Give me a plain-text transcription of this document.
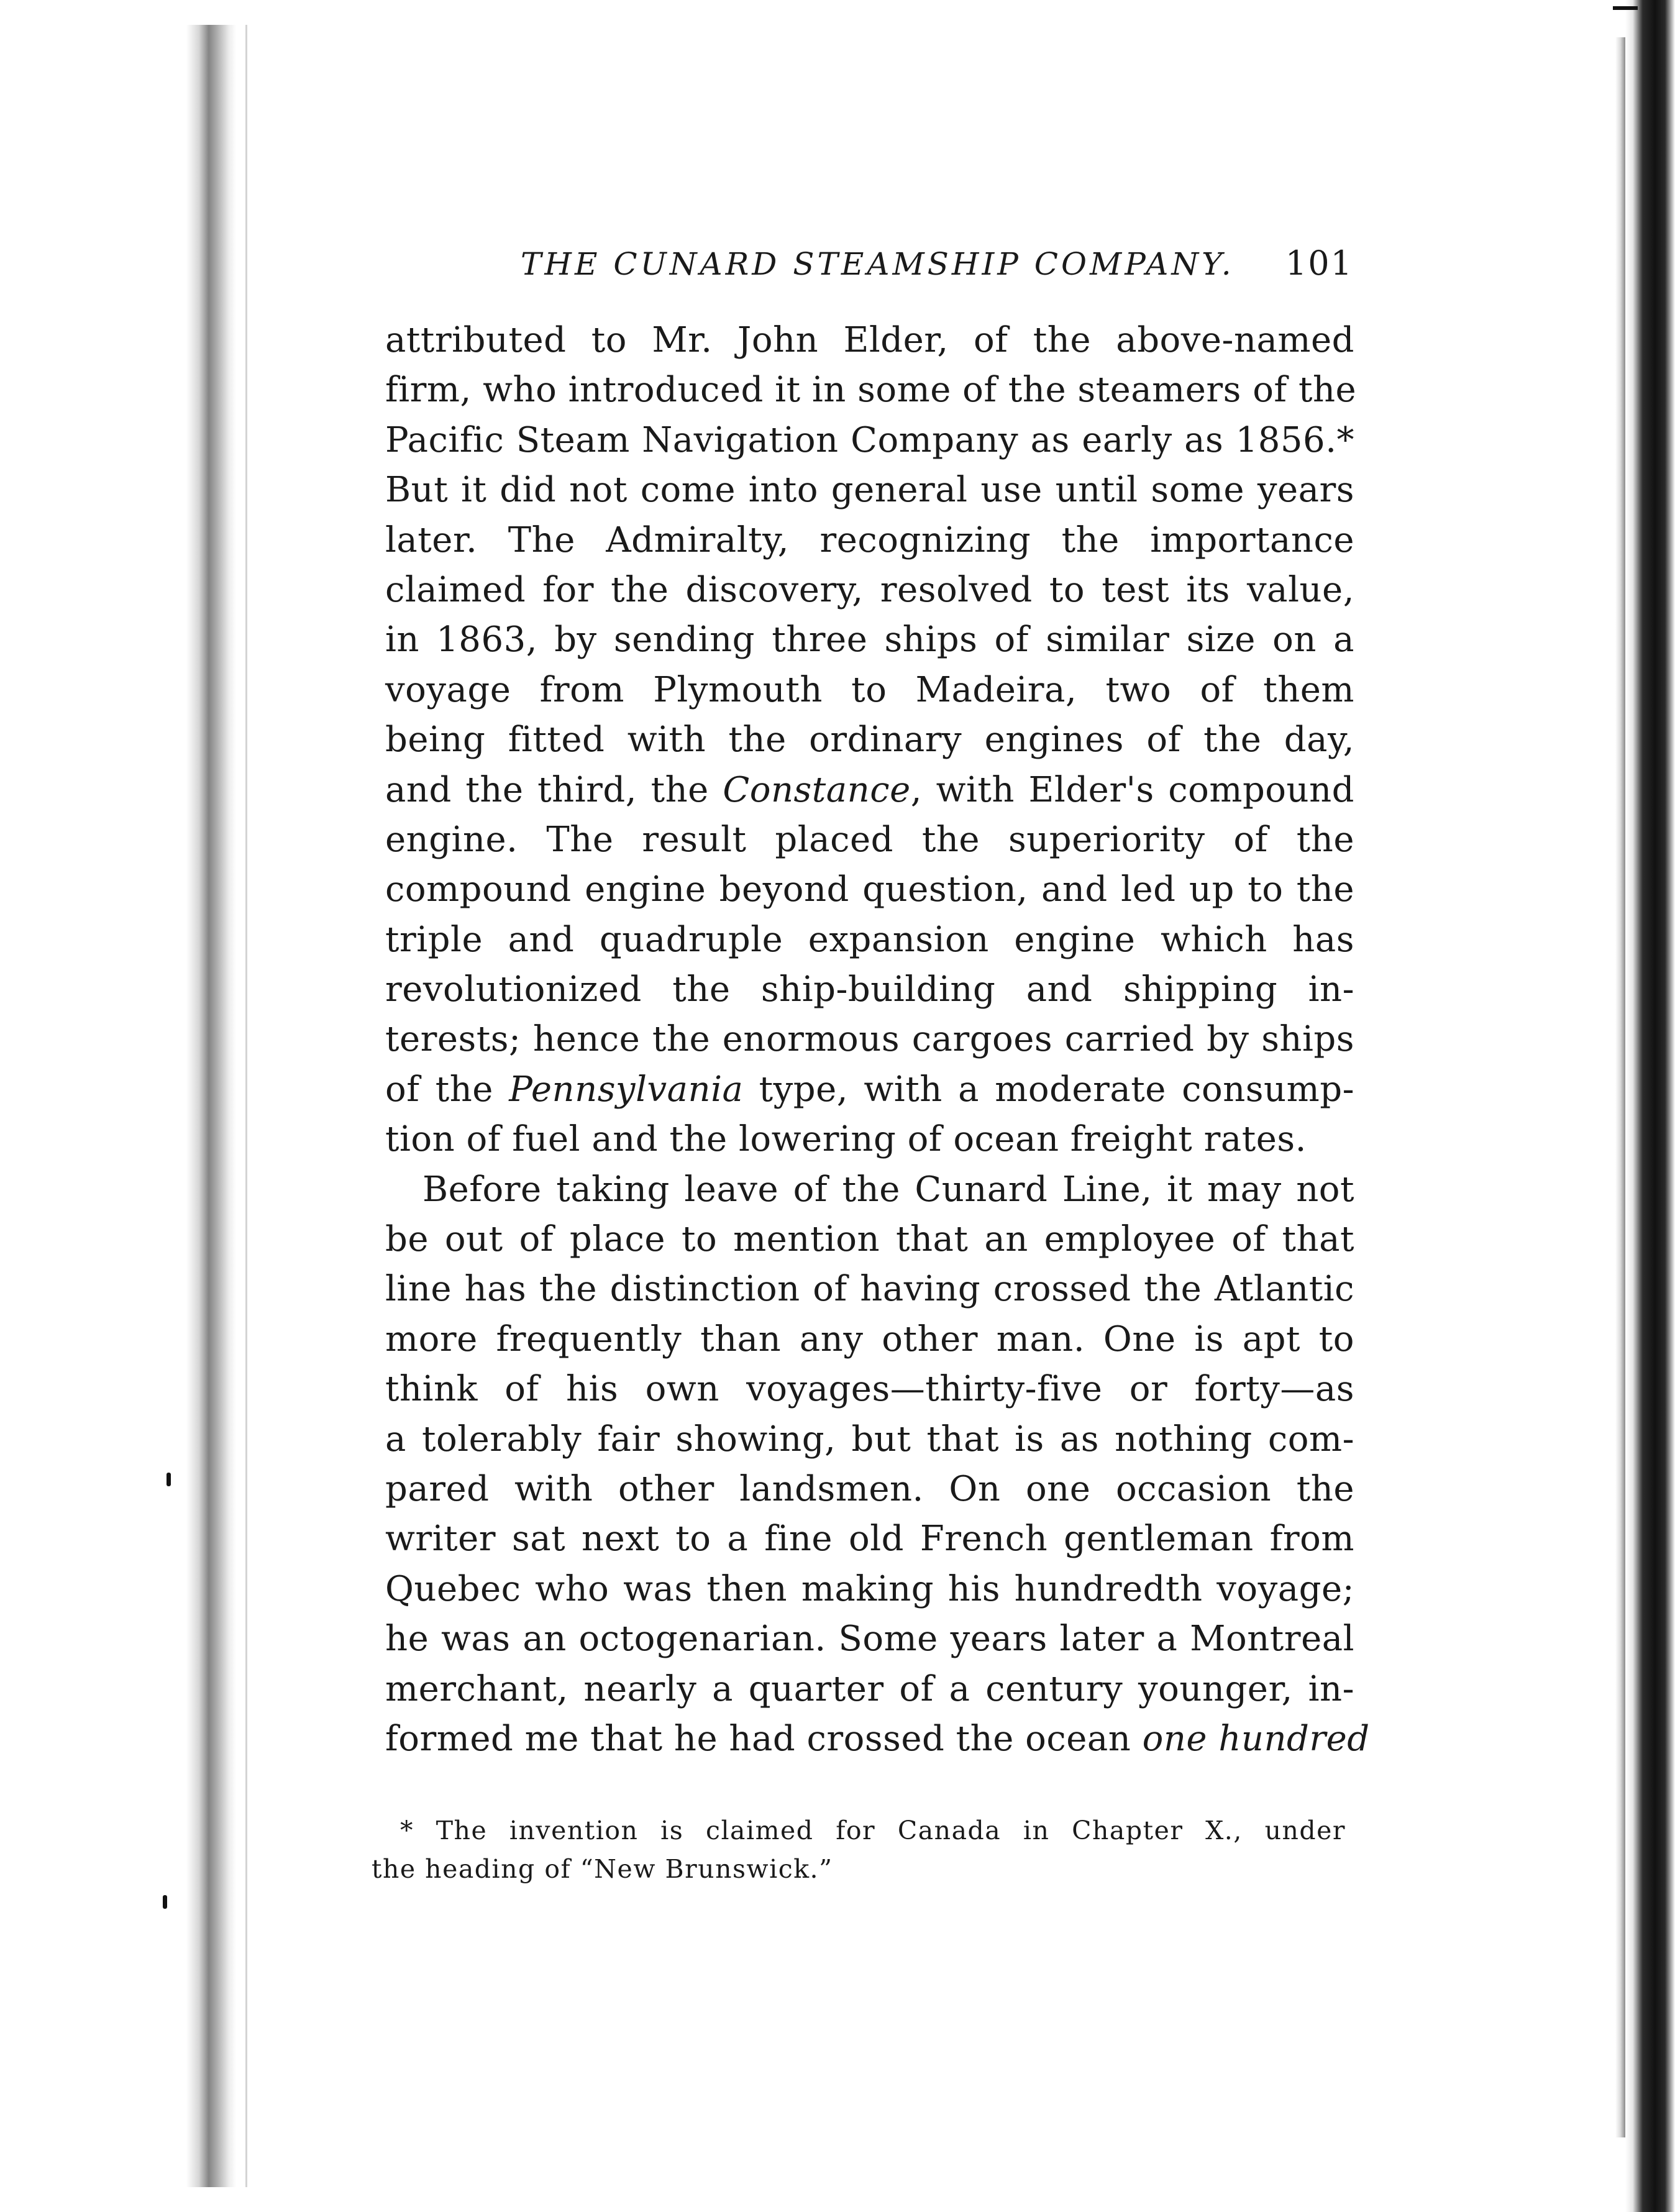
THE CUNARD STEAMSHIP COMPANY. 101
attributed to Mr. John Elder, of the above-named
firm, who introduced it in some of the steamers of the
Pacific Steam Navigation Company as early as 1856.*
But it did not come into general use until some years
later. The Admiralty, recognizing the importance
claimed for the discovery, resolved to test its value,
in 1863, by sending three ships of similar size on a
voyage from Plymouth to Madeira, two of them
being fitted with the ordinary engines of the day,
and the third, the Constance, with Elder's compound
engine. The result placed the superiority of the
compound engine beyond question, and led up to the
triple and quadruple expansion engine which has
revolutionized the ship-building and shipping in-
terests; hence the enormous cargoes carried by ships
of the Pennsylvania type, with a moderate consump-
tion of fuel and the lowering of ocean freight rates.
Before taking leave of the Cunard Line, it may not
be out of place to mention that an employee of that
line has the distinction of having crossed the Atlantic
more frequently than any other man. One is apt to
think of his own voyages—thirty-five or forty—as
a tolerably fair showing, but that is as nothing com-
pared with other landsmen. On one occasion the
writer sat next to a fine old French gentleman from
Quebec who was then making his hundredth voyage;
he was an octogenarian. Some years later a Montreal
merchant, nearly a quarter of a century younger, in-
formed me that he had crossed the ocean one hundred
* The invention is claimed for Canada in Chapter X., under
the heading of “New Brunswick.”
